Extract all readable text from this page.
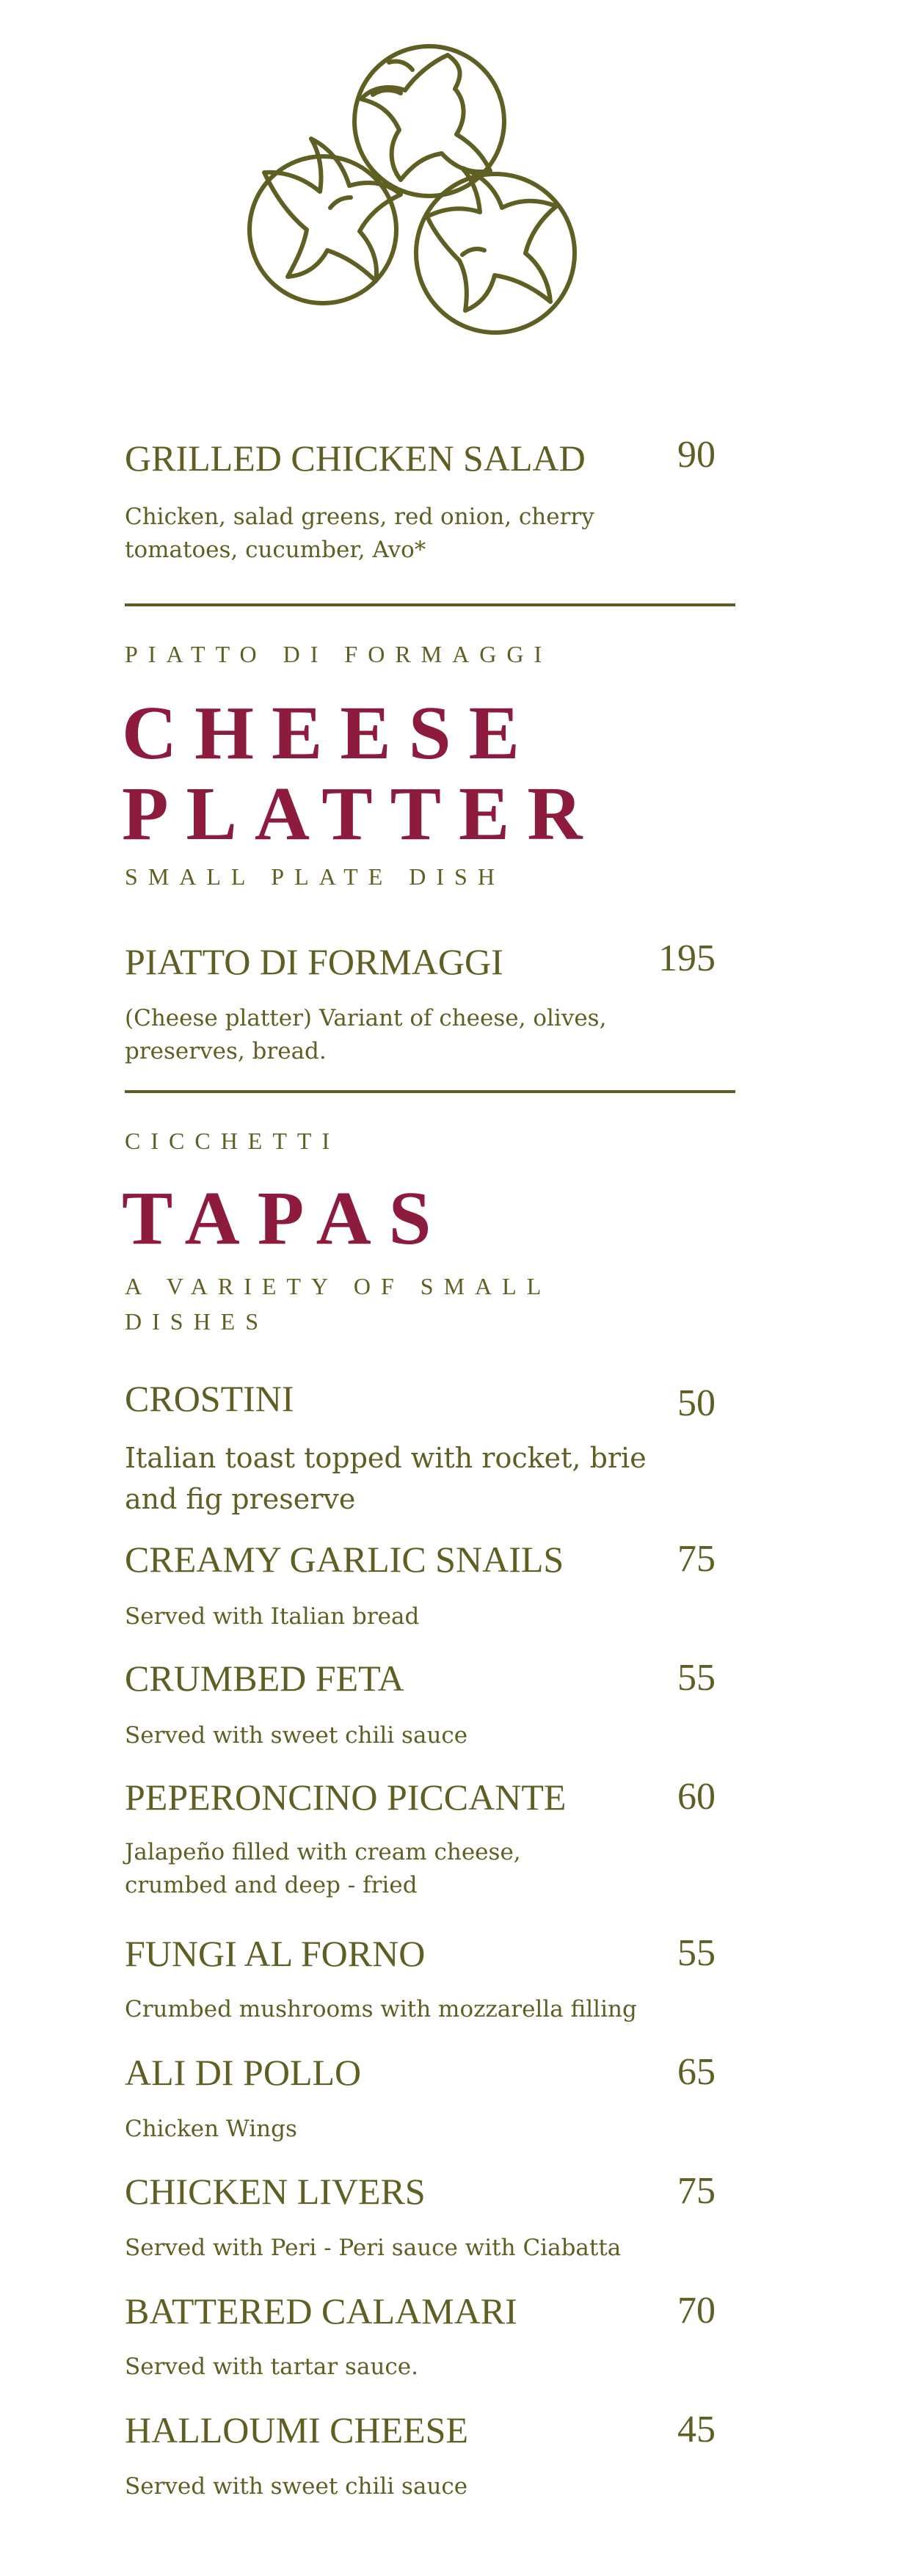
GRILLED CHICKEN SALAD 90

Chicken, salad greens, red onion, cherry tomatoes, cucumber, Avo*

PIATTO DI FORMAGGI
CHEESE PLATTER
SMALL PLATE DISH
PIATTO DI FORMAGGI	195

(Cheese platter) Variant of cheese, olives, preserves, bread.

CICCHETTI
TAPAS
A VARIETY OF SMALL DISHES
CROSTINI	50

Italian toast topped with rocket, brie and fig preserve

CREAMY GARLIC SNAILS	75

Served with Italian bread

CRUMBED FETA	55

Served with sweet chili sauce

PEPERONCINO PICCANTE	60

Jalapeño filled with cream cheese, crumbed and deep - fried

FUNGI AL FORNO	55

Crumbed mushrooms with mozzarella filling

ALI DI POLLO	65

Chicken Wings

CHICKEN LIVERS	75

Served with Peri - Peri sauce with Ciabatta

BATTERED CALAMARI	70

Served with tartar sauce.

HALLOUMI CHEESE	45

Served with sweet chili sauce
